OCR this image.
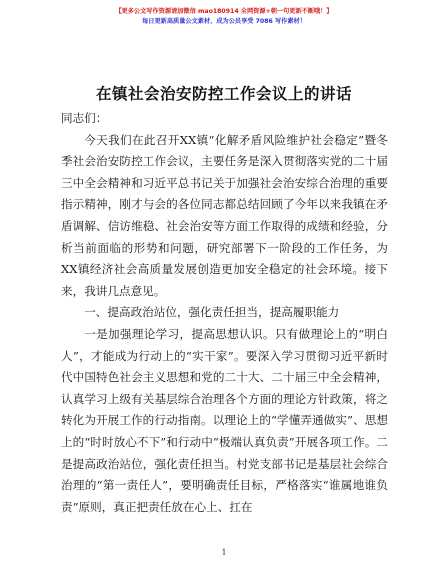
【更多公文写作资源请加微信 mao180914 全网资源+朝一句更新不断哦！】
每日更新高质量公文素材，成为公员享受 7086 写作素材！
在镇社会治安防控工作会议上的讲话

同志们：

今天我们在此召开XX镇“化解矛盾风险维护社会稳定”暨冬季社会治安防控工作会议，主要任务是深入贯彻落实党的二十届三中全会精神和习近平总书记关于加强社会治安综合治理的重要指示精神，刚才与会的各位同志都总结回顾了今年以来我镇在矛盾调解、信访维稳、社会治安等方面工作取得的成绩和经验，分析当前面临的形势和问题，研究部署下一阶段的工作任务，为XX镇经济社会高质量发展创造更加安全稳定的社会环境。接下来，我讲几点意见。

一、提高政治站位，强化责任担当，提高履职能力

一是加强理论学习，提高思想认识。只有做理论上的“明白人”，才能成为行动上的“实干家”。要深入学习贯彻习近平新时代中国特色社会主义思想和党的二十大、二十届三中全会精神，认真学习上级有关基层综合治理各个方面的理论方针政策，将之转化为开展工作的行动指南。以理论上的“学懂弄通做实”、思想上的“时时放心不下”和行动中“极端认真负责”开展各项工作。二是提高政治站位，强化责任担当。村党支部书记是基层社会综合治理的“第一责任人”，要明确责任目标，严格落实“谁属地谁负责”原则，真正把责任放在心上、扛在

1
